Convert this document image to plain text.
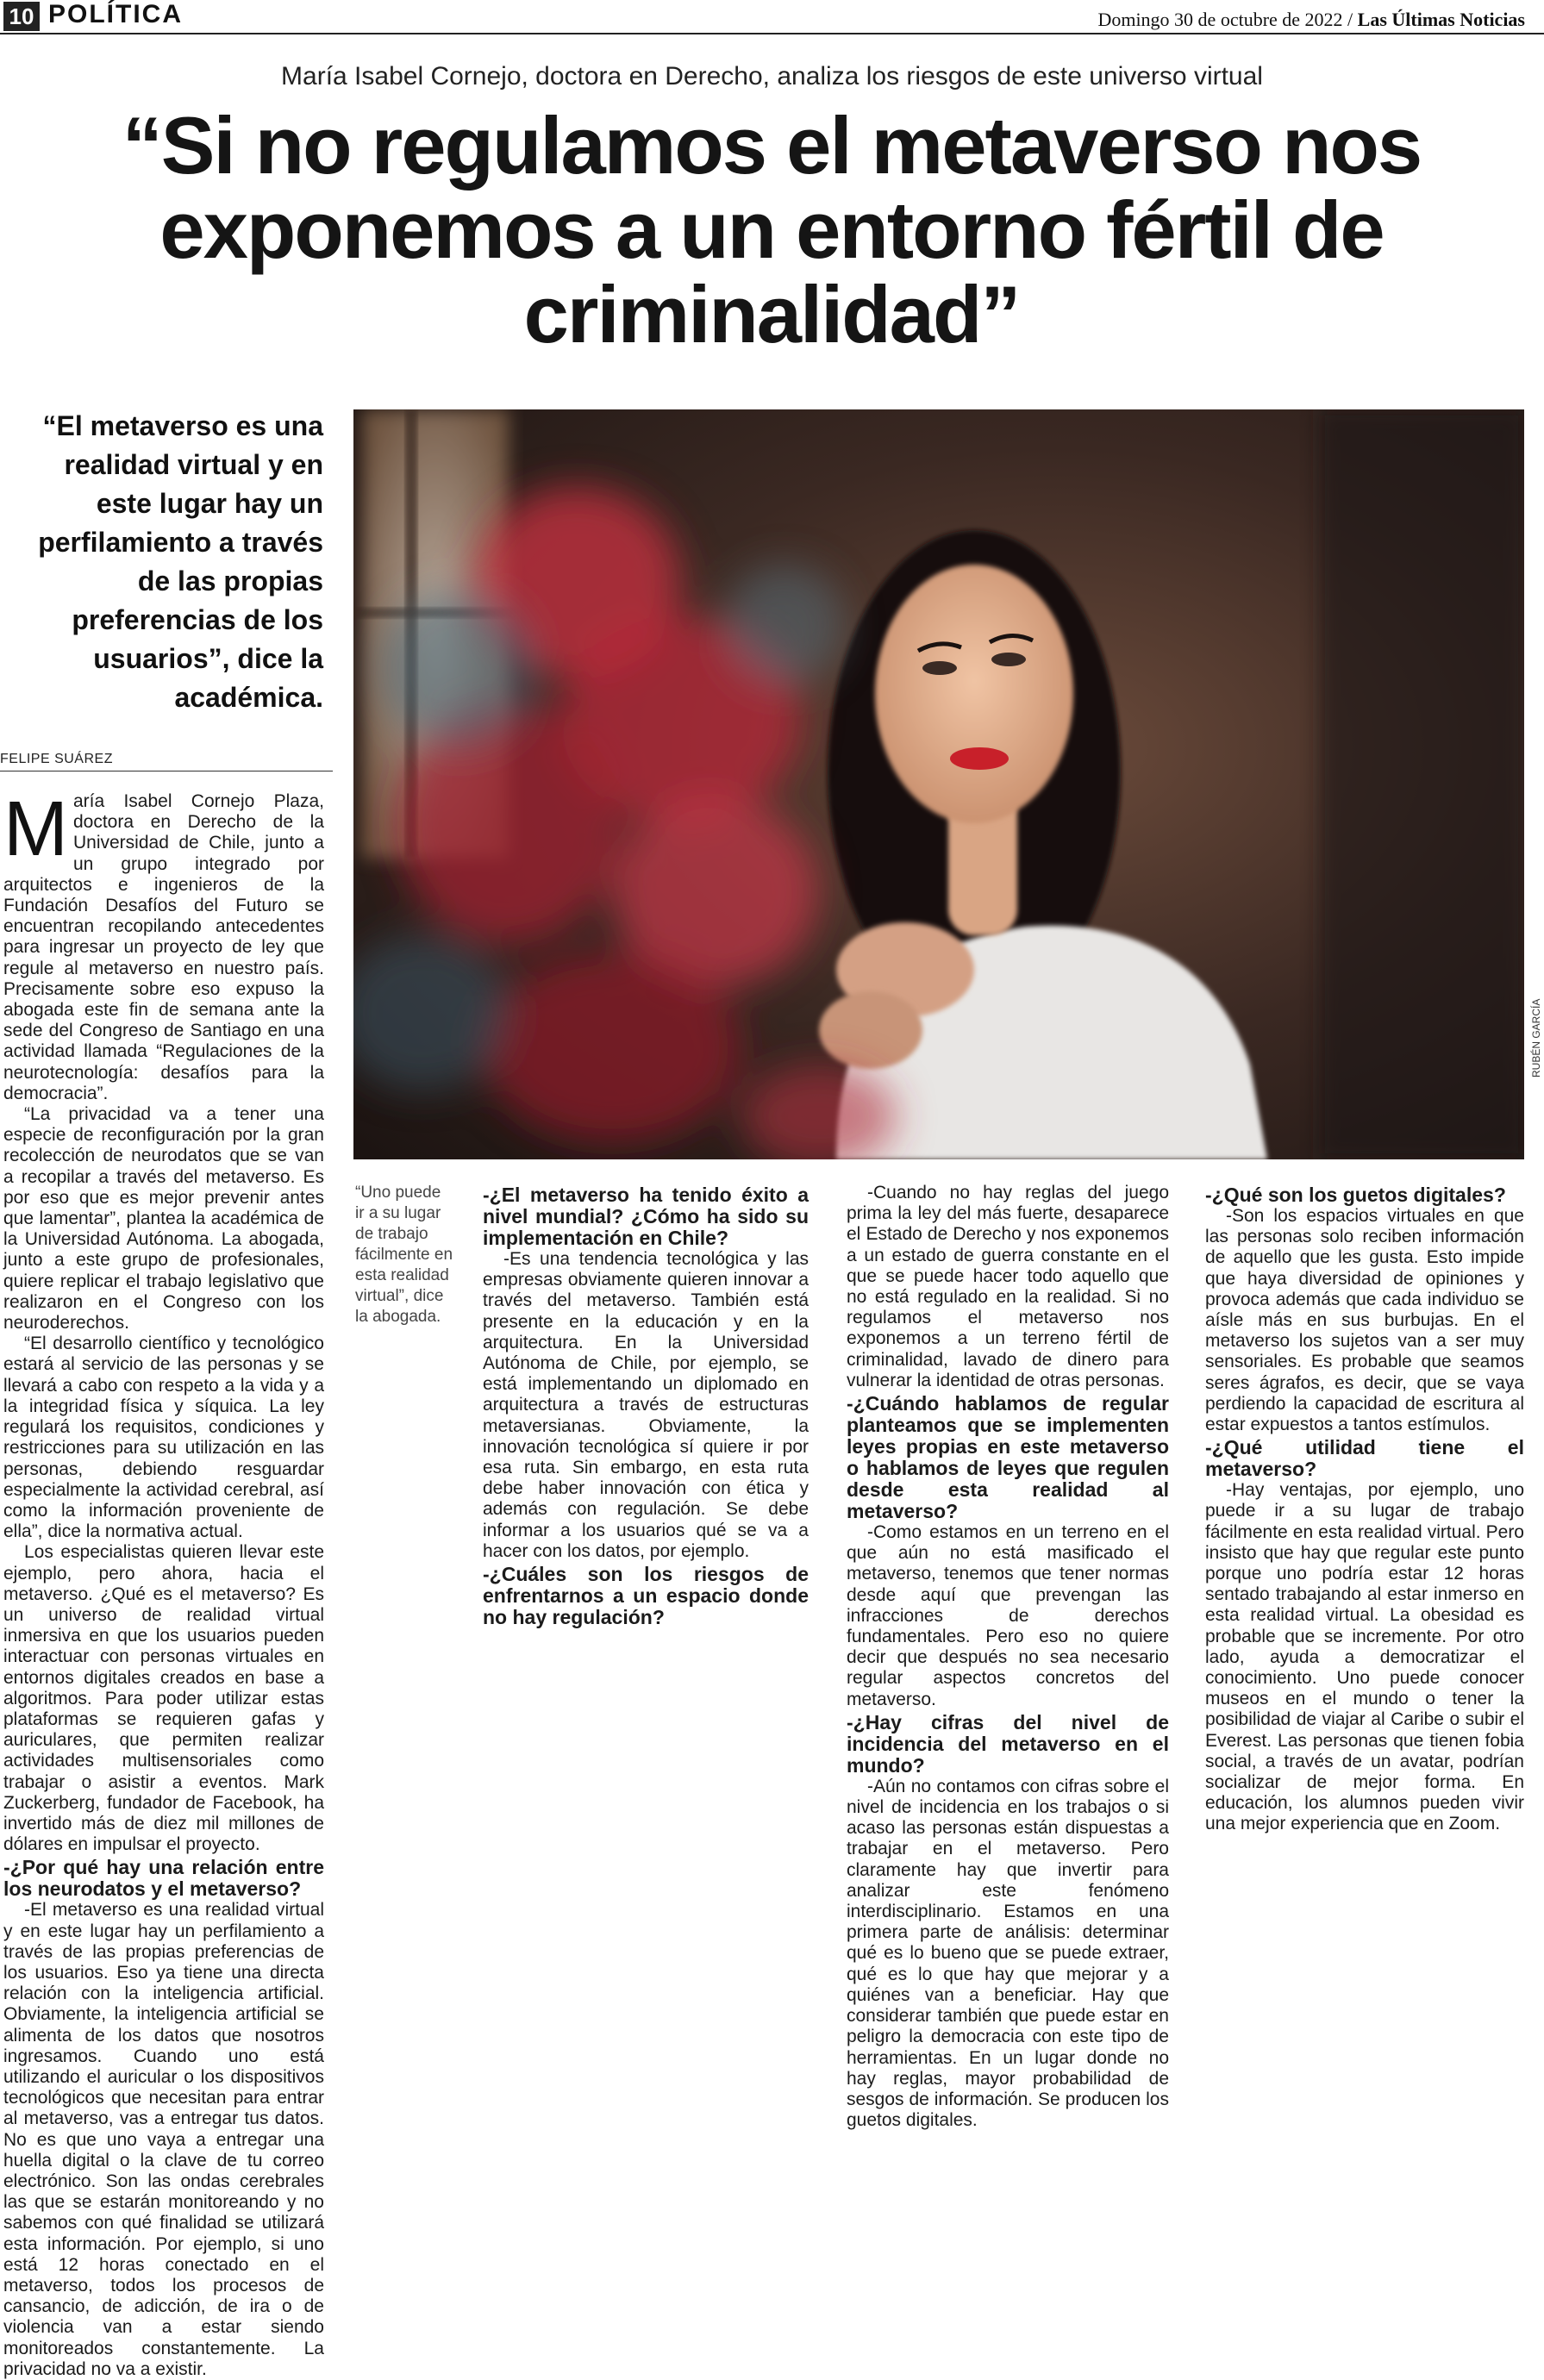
10 POLÍTICA	Domingo 30 de octubre de 2022 / Las Últimas Noticias
María Isabel Cornejo, doctora en Derecho, analiza los riesgos de este universo virtual
“Si no regulamos el metaverso nos exponemos a un entorno fértil de criminalidad”
“El metaverso es una realidad virtual y en este lugar hay un perfilamiento a través de las propias preferencias de los usuarios”, dice la académica.
RUBÉN GARCÍA
FELIPE SUÁREZ

María Isabel Cornejo Plaza, doctora en Derecho de la Universidad de Chile, junto a un grupo integrado por arquitectos e ingenieros de la Fundación Desafíos del Futuro se encuentran recopilando antecedentes para ingresar un proyecto de ley que regule al metaverso en nuestro país. Precisamente sobre eso expuso la abogada este fin de semana ante la sede del Congreso de Santiago en una actividad llamada “Regulaciones de la neurotecnología: desafíos para la democracia”.

“La privacidad va a tener una especie de reconfiguración por la gran recolección de neurodatos que se van a recopilar a través del metaverso. Es por eso que es mejor prevenir antes que lamentar”, plantea la académica de la Universidad Autónoma. La abogada, junto a este grupo de profesionales, quiere replicar el trabajo legislativo que realizaron en el Congreso con los neuroderechos.

“El desarrollo científico y tecnológico estará al servicio de las personas y se llevará a cabo con respeto a la vida y a la integridad física y síquica. La ley regulará los requisitos, condiciones y restricciones para su utilización en las personas, debiendo resguardar especialmente la actividad cerebral, así como la información proveniente de ella”, dice la normativa actual.

Los especialistas quieren llevar este ejemplo, pero ahora, hacia el metaverso. ¿Qué es el metaverso? Es un universo de realidad virtual inmersiva en que los usuarios pueden interactuar con personas virtuales en entornos digitales creados en base a algoritmos. Para poder utilizar estas plataformas se requieren gafas y auriculares, que permiten realizar actividades multisensoriales como trabajar o asistir a eventos. Mark Zuckerberg, fundador de Facebook, ha invertido más de diez mil millones de dólares en impulsar el proyecto.

-¿Por qué hay una relación entre los neurodatos y el metaverso?

-El metaverso es una realidad virtual y en este lugar hay un perfilamiento a través de las propias preferencias de los usuarios. Eso ya tiene una directa relación con la inteligencia artificial. Obviamente, la inteligencia artificial se alimenta de los datos que nosotros ingresamos. Cuando uno está utilizando el auricular o los dispositivos tecnológicos que necesitan para entrar al metaverso, vas a entregar tus datos. No es que uno vaya a entregar una huella digital o la clave de tu correo electrónico. Son las ondas cerebrales las que se estarán monitoreando y no sabemos con qué finalidad se utilizará esta información. Por ejemplo, si uno está 12 horas conectado en el metaverso, todos los procesos de cansancio, de adicción, de ira o de violencia van a estar siendo monitoreados constantemente. La privacidad no va a existir.

“Uno puede ir a su lugar de trabajo fácilmente en esta realidad virtual”, dice la abogada.

-¿El metaverso ha tenido éxito a nivel mundial? ¿Cómo ha sido su implementación en Chile?

-Es una tendencia tecnológica y las empresas obviamente quieren innovar a través del metaverso. También está presente en la educación y en la arquitectura. En la Universidad Autónoma de Chile, por ejemplo, se está implementando un diplomado en arquitectura a través de estructuras metaversianas. Obviamente, la innovación tecnológica sí quiere ir por esa ruta. Sin embargo, en esta ruta debe haber innovación con ética y además con regulación. Se debe informar a los usuarios qué se va a hacer con los datos, por ejemplo.

-¿Cuáles son los riesgos de enfrentarnos a un espacio donde no hay regulación?

-Cuando no hay reglas del juego prima la ley del más fuerte, desaparece el Estado de Derecho y nos exponemos a un estado de guerra constante en el que se puede hacer todo aquello que no está regulado en la realidad. Si no regulamos el metaverso nos exponemos a un terreno fértil de criminalidad, lavado de dinero para vulnerar la identidad de otras personas.

-¿Cuándo hablamos de regular planteamos que se implementen leyes propias en este metaverso o hablamos de leyes que regulen desde esta realidad al metaverso?

-Como estamos en un terreno en el que aún no está masificado el metaverso, tenemos que tener normas desde aquí que prevengan las infracciones de derechos fundamentales. Pero eso no quiere decir que después no sea necesario regular aspectos concretos del metaverso.

-¿Hay cifras del nivel de incidencia del metaverso en el mundo?

-Aún no contamos con cifras sobre el nivel de incidencia en los trabajos o si acaso las personas están dispuestas a trabajar en el metaverso. Pero claramente hay que invertir para analizar este fenómeno interdisciplinario. Estamos en una primera parte de análisis: determinar qué es lo bueno que se puede extraer, qué es lo que hay que mejorar y a quiénes van a beneficiar. Hay que considerar también que puede estar en peligro la democracia con este tipo de herramientas. En un lugar donde no hay reglas, mayor probabilidad de sesgos de información. Se producen los guetos digitales.

-¿Qué son los guetos digitales?

-Son los espacios virtuales en que las personas solo reciben información de aquello que les gusta. Esto impide que haya diversidad de opiniones y provoca además que cada individuo se aísle más en sus burbujas. En el metaverso los sujetos van a ser muy sensoriales. Es probable que seamos seres ágrafos, es decir, que se vaya perdiendo la capacidad de escritura al estar expuestos a tantos estímulos.

-¿Qué utilidad tiene el metaverso?

-Hay ventajas, por ejemplo, uno puede ir a su lugar de trabajo fácilmente en esta realidad virtual. Pero insisto que hay que regular este punto porque uno podría estar 12 horas sentado trabajando al estar inmerso en esta realidad virtual. La obesidad es probable que se incremente. Por otro lado, ayuda a democratizar el conocimiento. Uno puede conocer museos en el mundo o tener la posibilidad de viajar al Caribe o subir el Everest. Las personas que tienen fobia social, a través de un avatar, podrían socializar de mejor forma. En educación, los alumnos pueden vivir una mejor experiencia que en Zoom.
